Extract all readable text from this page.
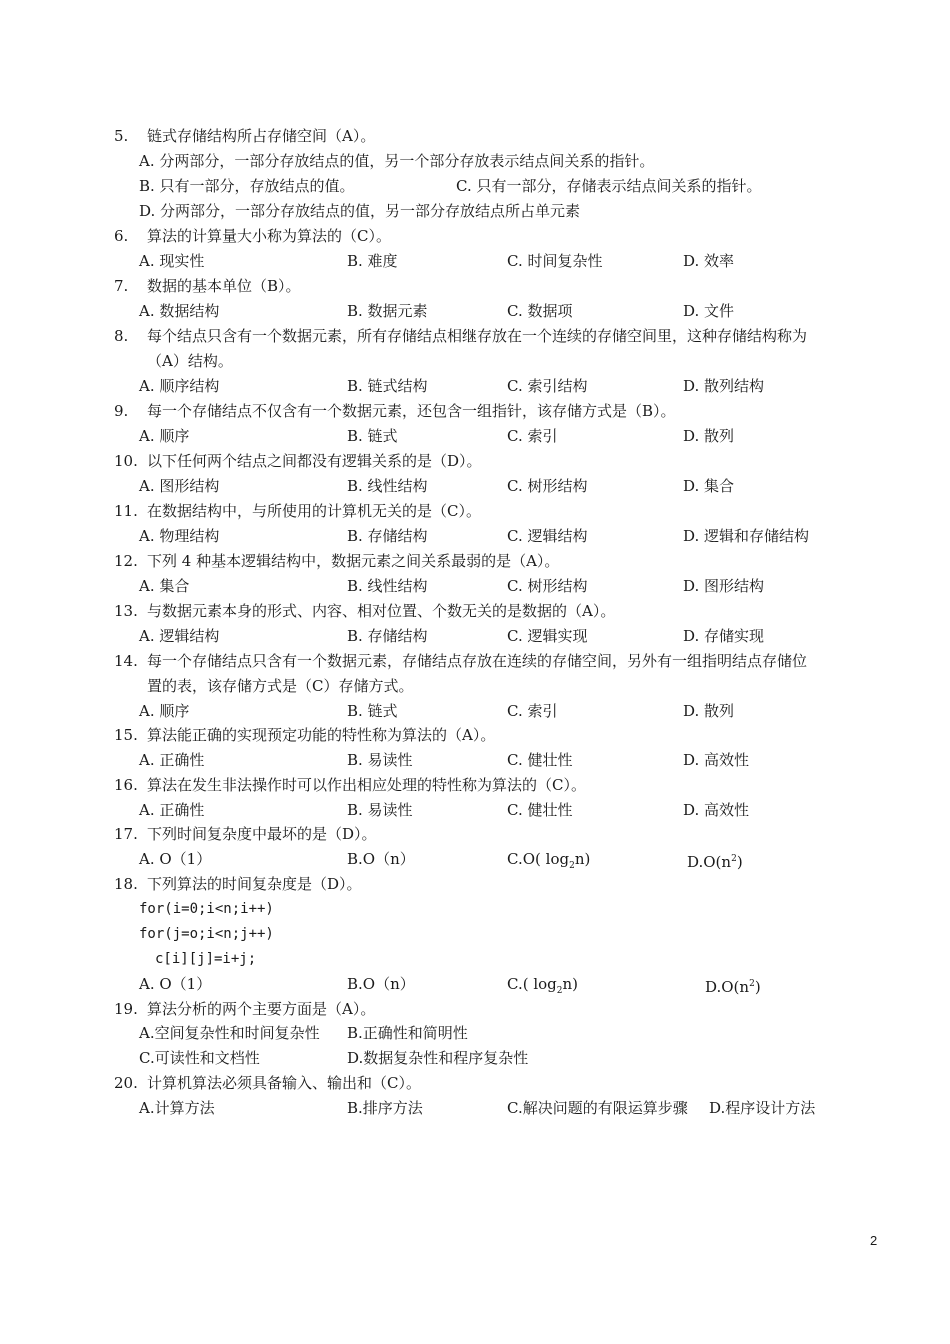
5. 链式存储结构所占存储空间（A）。
A. 分两部分，一部分存放结点的值，另一个部分存放表示结点间关系的指针。
B. 只有一部分，存放结点的值。	C. 只有一部分，存储表示结点间关系的指针。
D. 分两部分，一部分存放结点的值，另一部分存放结点所占单元素
6. 算法的计算量大小称为算法的（C）。
A. 现实性	B. 难度	C. 时间复杂性	D. 效率
7. 数据的基本单位（B）。
A. 数据结构	B. 数据元素	C. 数据项	D. 文件
8. 每个结点只含有一个数据元素，所有存储结点相继存放在一个连续的存储空间里，这种存储结构称为
（A）结构。
A. 顺序结构	B. 链式结构	C. 索引结构	D. 散列结构
9. 每一个存储结点不仅含有一个数据元素，还包含一组指针，该存储方式是（B）。
A. 顺序	B. 链式	C. 索引	D. 散列
10. 以下任何两个结点之间都没有逻辑关系的是（D）。
A. 图形结构	B. 线性结构	C. 树形结构	D. 集合
11. 在数据结构中，与所使用的计算机无关的是（C）。
A. 物理结构	B. 存储结构	C. 逻辑结构	D. 逻辑和存储结构
12. 下列 4 种基本逻辑结构中，数据元素之间关系最弱的是（A）。
A. 集合	B. 线性结构	C. 树形结构	D. 图形结构
13. 与数据元素本身的形式、内容、相对位置、个数无关的是数据的（A）。
A. 逻辑结构	B. 存储结构	C. 逻辑实现	D. 存储实现
14. 每一个存储结点只含有一个数据元素，存储结点存放在连续的存储空间，另外有一组指明结点存储位
置的表，该存储方式是（C）存储方式。
A. 顺序	B. 链式	C. 索引	D. 散列
15. 算法能正确的实现预定功能的特性称为算法的（A）。
A. 正确性	B. 易读性	C. 健壮性	D. 高效性
16. 算法在发生非法操作时可以作出相应处理的特性称为算法的（C）。
A. 正确性	B. 易读性	C. 健壮性	D. 高效性
17. 下列时间复杂度中最坏的是（D）。
A. O（1）	B.O（n）	C.O( $\log_2n$)	$D.O(n^2)$
18. 下列算法的时间复杂度是（D）。
for(i=0;i<n;i++)
for(j=o;i<n;j++)
c[i][j]=i+j;
A. O（1）	B.O（n）	C.( $\log_2n$)	$D.O(n^2)$
19. 算法分析的两个主要方面是（A）。
A.空间复杂性和时间复杂性 B.正确性和简明性
C.可读性和文档性	D.数据复杂性和程序复杂性
20. 计算机算法必须具备输入、输出和（C）。
A.计算方法	B.排序方法	C.解决问题的有限运算步骤 D.程序设计方法
2
